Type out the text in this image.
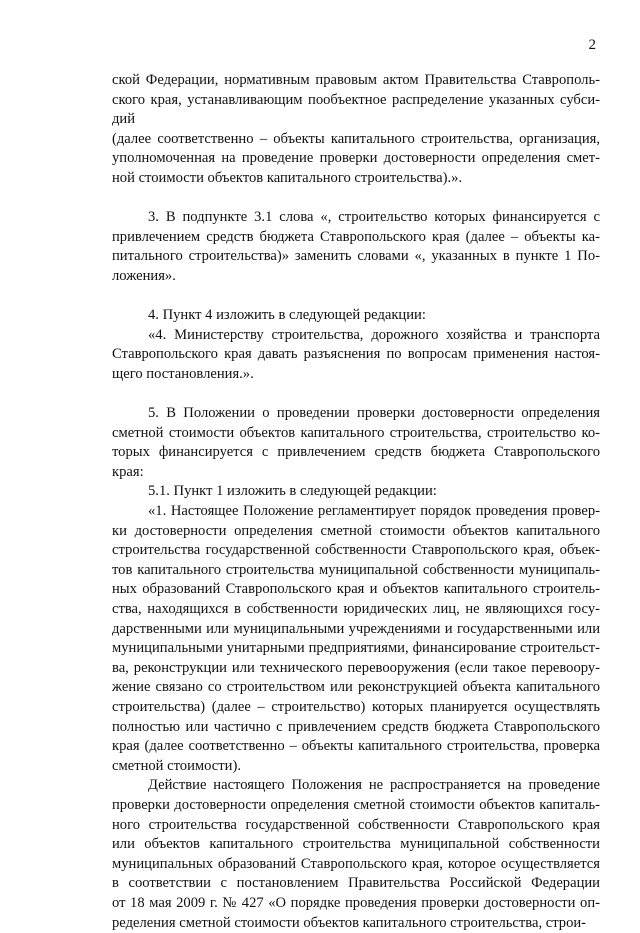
2

ской Федерации, нормативным правовым актом Правительства Ставрополь-
ского края, устанавливающим пообъектное распределение указанных субси-
дий

(далее соответственно – объекты капитального строительства, организация,
уполномоченная на проведение проверки достоверности определения смет-
ной стоимости объектов капитального строительства).».

3. В подпункте 3.1 слова «, строительство которых финансируется с
привлечением средств бюджета Ставропольского края (далее – объекты ка-
питального строительства)» заменить словами «, указанных в пункте 1 По-
ложения».

4. Пункт 4 изложить в следующей редакции:

«4. Министерству строительства, дорожного хозяйства и транспорта
Ставропольского края давать разъяснения по вопросам применения настоя-
щего постановления.».

5. В Положении о проведении проверки достоверности определения
сметной стоимости объектов капитального строительства, строительство ко-
торых финансируется с привлечением средств бюджета Ставропольского
края:

5.1. Пункт 1 изложить в следующей редакции:

«1. Настоящее Положение регламентирует порядок проведения провер-
ки достоверности определения сметной стоимости объектов капитального
строительства государственной собственности Ставропольского края, объек-
тов капитального строительства муниципальной собственности муниципаль-
ных образований Ставропольского края и объектов капитального строитель-
ства, находящихся в собственности юридических лиц, не являющихся госу-
дарственными или муниципальными учреждениями и государственными или
муниципальными унитарными предприятиями, финансирование строительст-
ва, реконструкции или технического перевооружения (если такое перевоору-
жение связано со строительством или реконструкцией объекта капитального
строительства) (далее – строительство) которых планируется осуществлять
полностью или частично с привлечением средств бюджета Ставропольского
края (далее соответственно – объекты капитального строительства, проверка
сметной стоимости).

Действие настоящего Положения не распространяется на проведение
проверки достоверности определения сметной стоимости объектов капиталь-
ного строительства государственной собственности Ставропольского края
или объектов капитального строительства муниципальной собственности
муниципальных образований Ставропольского края, которое осуществляется
в соответствии с постановлением Правительства Российской Федерации
от 18 мая 2009 г. № 427 «О порядке проведения проверки достоверности оп-
ределения сметной стоимости объектов капитального строительства, строи-
